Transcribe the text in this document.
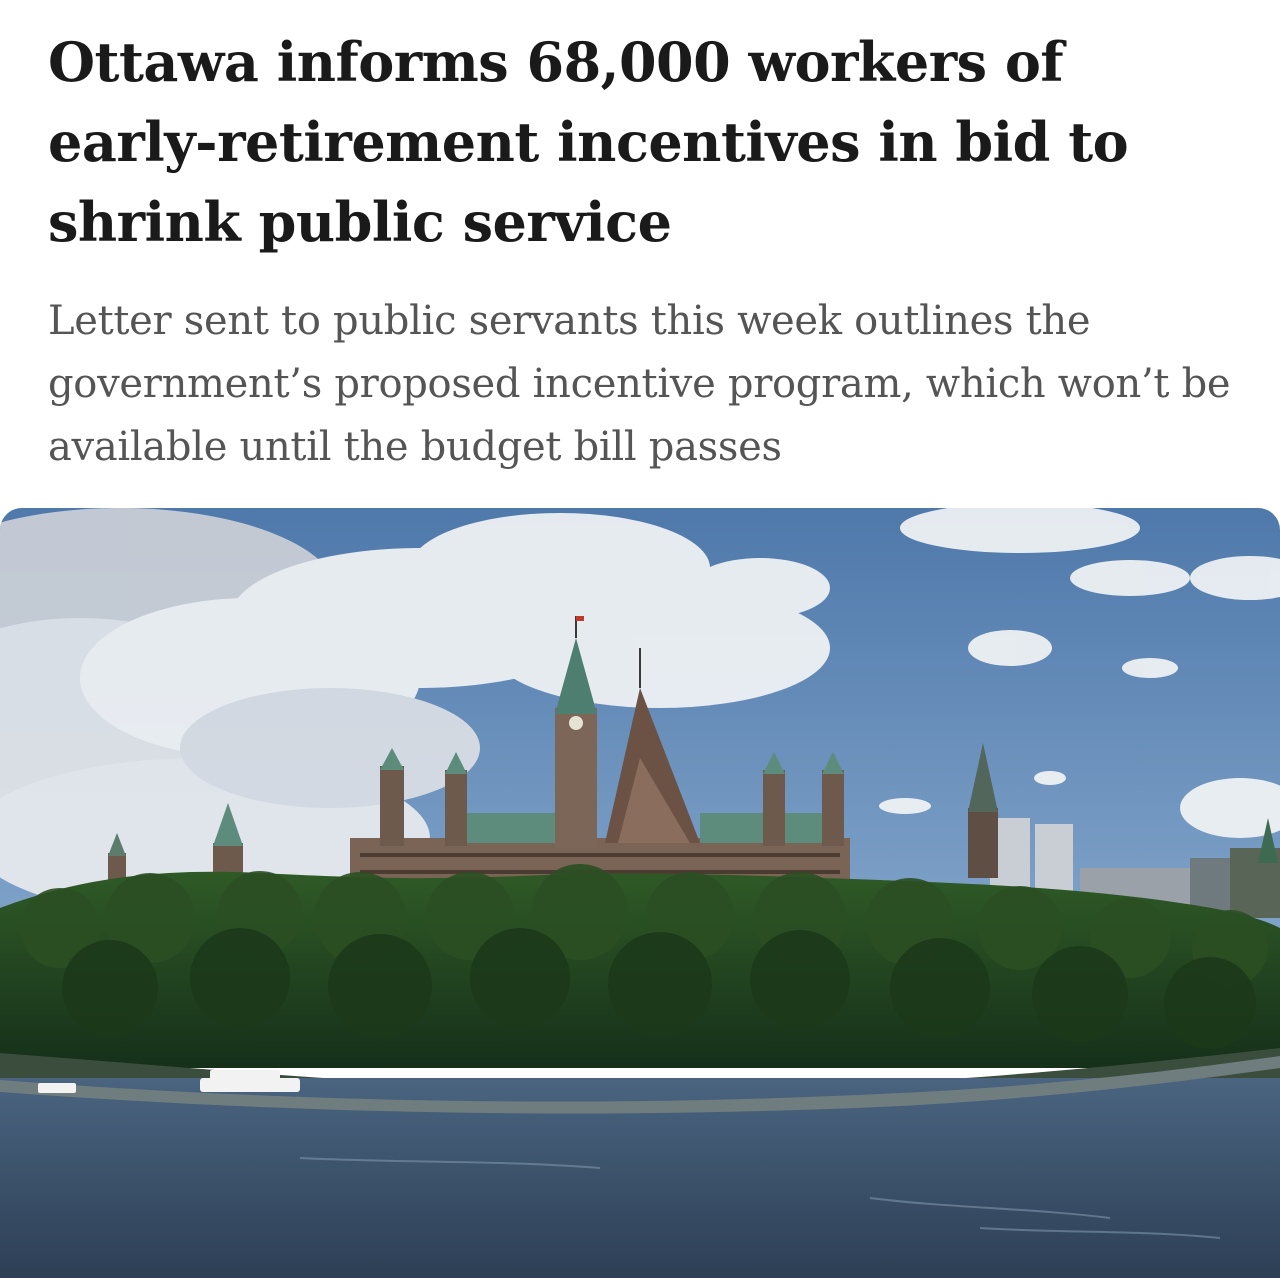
Ottawa informs 68,000 workers of early-retirement incentives in bid to shrink public service

Letter sent to public servants this week outlines the government’s proposed incentive program, which won’t be available until the budget bill passes
